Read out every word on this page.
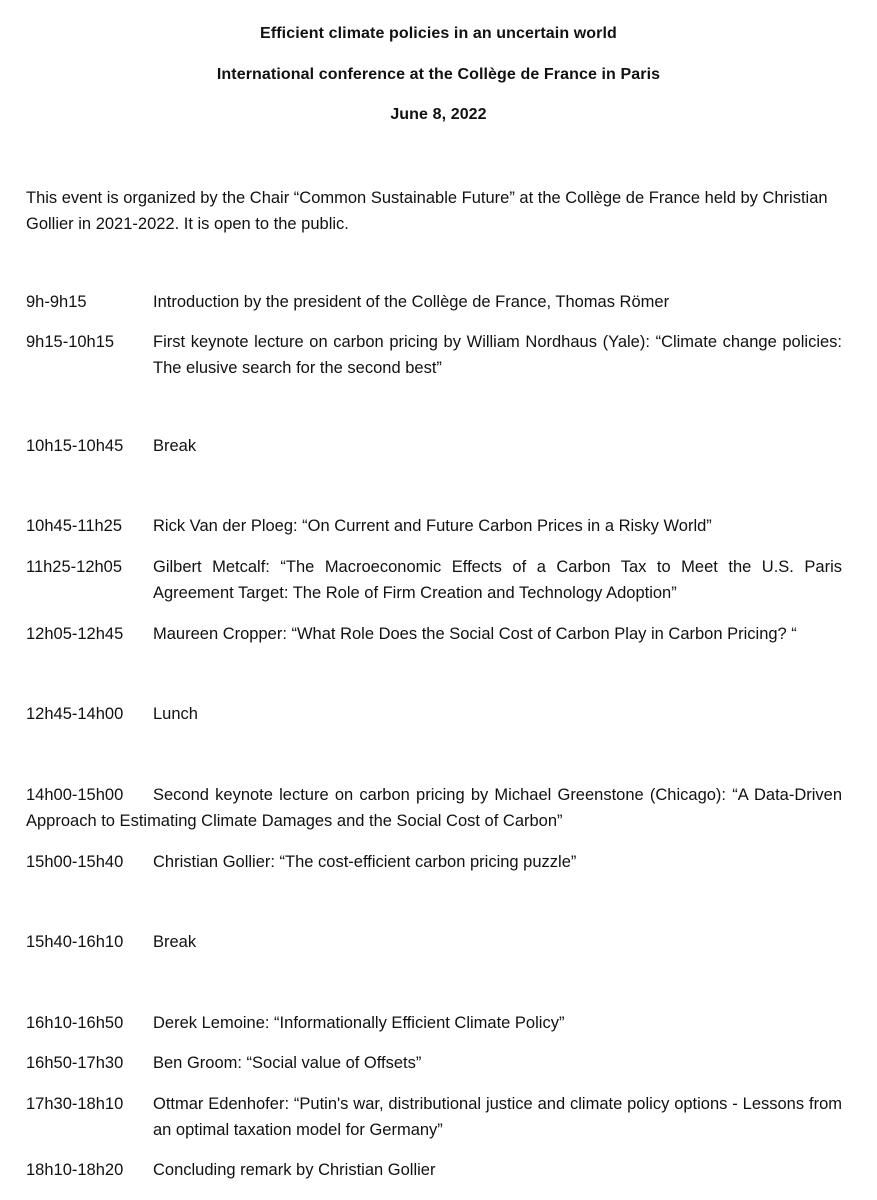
Efficient climate policies in an uncertain world
International conference at the Collège de France in Paris
June 8, 2022
This event is organized by the Chair “Common Sustainable Future” at the Collège de France held by Christian Gollier in 2021-2022. It is open to the public.
9h-9h15	Introduction by the president of the Collège de France, Thomas Römer
9h15-10h15	First keynote lecture on carbon pricing by William Nordhaus (Yale): “Climate change policies: The elusive search for the second best”
10h15-10h45	Break
10h45-11h25	Rick Van der Ploeg: “On Current and Future Carbon Prices in a Risky World”
11h25-12h05	Gilbert Metcalf: “The Macroeconomic Effects of a Carbon Tax to Meet the U.S. Paris Agreement Target: The Role of Firm Creation and Technology Adoption”
12h05-12h45	Maureen Cropper: “What Role Does the Social Cost of Carbon Play in Carbon Pricing? “
12h45-14h00	Lunch
14h00-15h00	Second keynote lecture on carbon pricing by Michael Greenstone (Chicago): “A Data-Driven Approach to Estimating Climate Damages and the Social Cost of Carbon”
15h00-15h40	Christian Gollier: “The cost-efficient carbon pricing puzzle”
15h40-16h10	Break
16h10-16h50	Derek Lemoine: “Informationally Efficient Climate Policy”
16h50-17h30	Ben Groom: “Social value of Offsets”
17h30-18h10	Ottmar Edenhofer: “Putin's war, distributional justice and climate policy options - Lessons from an optimal taxation model for Germany”
18h10-18h20	Concluding remark by Christian Gollier
